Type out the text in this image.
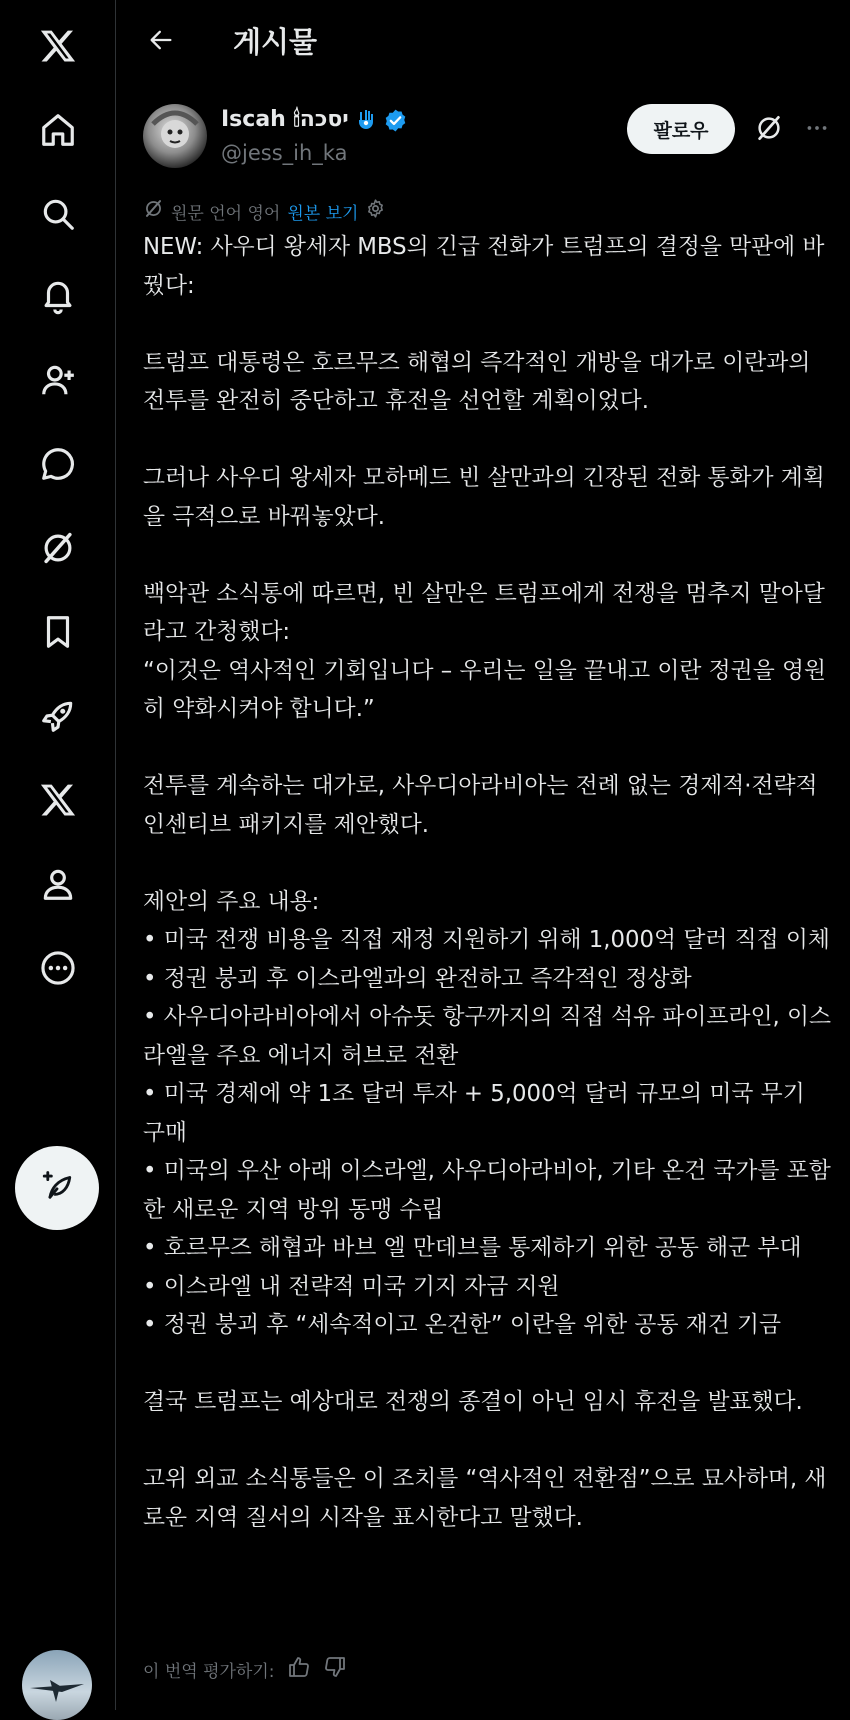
게시물
Iscah 🕯יסכה
@jess_ih_ka
팔로우
원문 언어 영어 원본 보기
NEW: 사우디 왕세자 MBS의 긴급 전화가 트럼프의 결정을 막판에 바꿨다:

트럼프 대통령은 호르무즈 해협의 즉각적인 개방을 대가로 이란과의 전투를 완전히 중단하고 휴전을 선언할 계획이었다.

그러나 사우디 왕세자 모하메드 빈 살만과의 긴장된 전화 통화가 계획을 극적으로 바꿔놓았다.

백악관 소식통에 따르면, 빈 살만은 트럼프에게 전쟁을 멈추지 말아달라고 간청했다:
“이것은 역사적인 기회입니다 – 우리는 일을 끝내고 이란 정권을 영원히 약화시켜야 합니다.”

전투를 계속하는 대가로, 사우디아라비아는 전례 없는 경제적·전략적 인센티브 패키지를 제안했다.

제안의 주요 내용:
• 미국 전쟁 비용을 직접 재정 지원하기 위해 1,000억 달러 직접 이체
• 정권 붕괴 후 이스라엘과의 완전하고 즉각적인 정상화
• 사우디아라비아에서 아슈돗 항구까지의 직접 석유 파이프라인, 이스라엘을 주요 에너지 허브로 전환
• 미국 경제에 약 1조 달러 투자 + 5,000억 달러 규모의 미국 무기 구매
• 미국의 우산 아래 이스라엘, 사우디아라비아, 기타 온건 국가를 포함한 새로운 지역 방위 동맹 수립
• 호르무즈 해협과 바브 엘 만데브를 통제하기 위한 공동 해군 부대
• 이스라엘 내 전략적 미국 기지 자금 지원
• 정권 붕괴 후 “세속적이고 온건한” 이란을 위한 공동 재건 기금

결국 트럼프는 예상대로 전쟁의 종결이 아닌 임시 휴전을 발표했다.

고위 외교 소식통들은 이 조치를 “역사적인 전환점”으로 묘사하며, 새로운 지역 질서의 시작을 표시한다고 말했다.
이 번역 평가하기:
